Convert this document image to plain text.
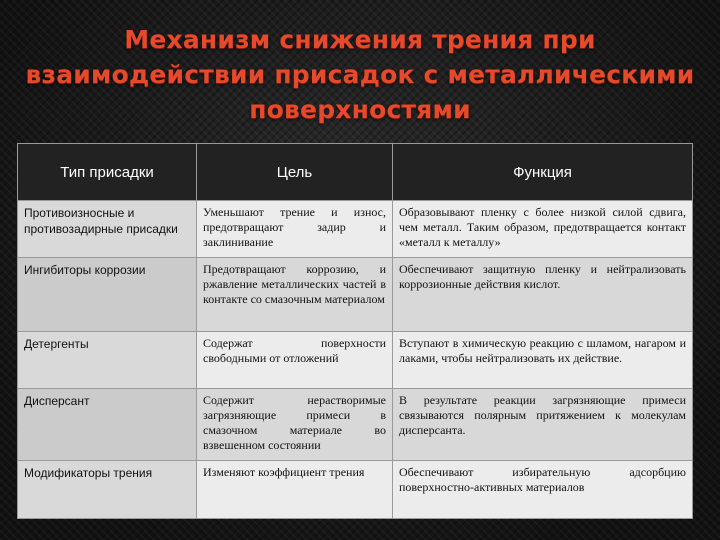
Механизм снижения трения при взаимодействии присадок с металлическими поверхностями
Тип присадки	Цель	Функция
Противоизносные и противозадирные присадки	Уменьшают трение и износ, предотвращают задир и заклинивание	Образовывают пленку с более низкой силой сдвига, чем металл. Таким образом, предотвращается контакт «металл к металлу»
Ингибиторы коррозии	Предотвращают коррозию, и ржавление металлических частей в контакте со смазочным материалом	Обеспечивают защитную пленку и нейтрализовать коррозионные действия кислот.
Детергенты	Содержат поверхности свободными от отложений	Вступают в химическую реакцию с шламом, нагаром и лаками, чтобы нейтрализовать их действие.
Дисперсант	Содержит нерастворимые загрязняющие примеси в смазочном материале во взвешенном состоянии	В результате реакции загрязняющие примеси связываются полярным притяжением к молекулам дисперсанта.
Модификаторы трения	Изменяют коэффициент трения	Обеспечивают избирательную адсорбцию поверхностно-активных материалов
